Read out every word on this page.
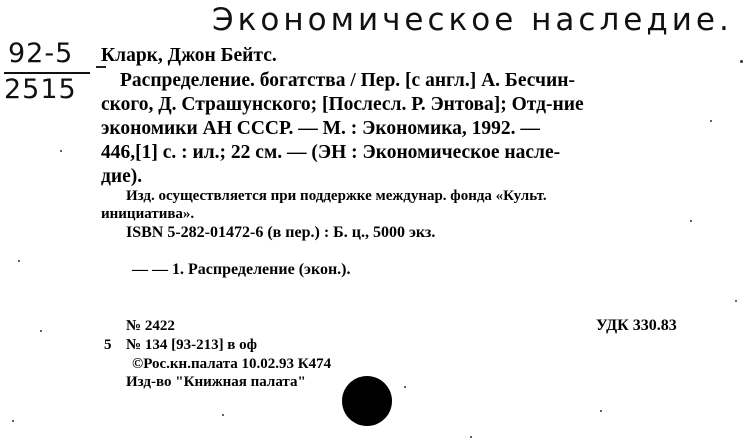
Экономическое наследие.
92-5
2515
Кларк, Джон Бейтс.
Распределение. богатства / Пер. [с англ.] А. Бесчин-
ского, Д. Страшунского; [Послесл. Р. Энтова]; Отд-ние
экономики АН СССР. — М. : Экономика, 1992. —
446,[1] с. : ил.; 22 см. — (ЭН : Экономическое насле-
дие).
Изд. осуществляется при поддержке междунар. фонда «Культ.
инициатива».
ISBN 5-282-01472-6 (в пер.) : Б. ц., 5000 экз.
— — 1. Распределение (экон.).
№ 2422	УДК 330.83
5 № 134 [93-213] в оф
©Рос.кн.палата 10.02.93 К474
Изд-во "Книжная палата"
